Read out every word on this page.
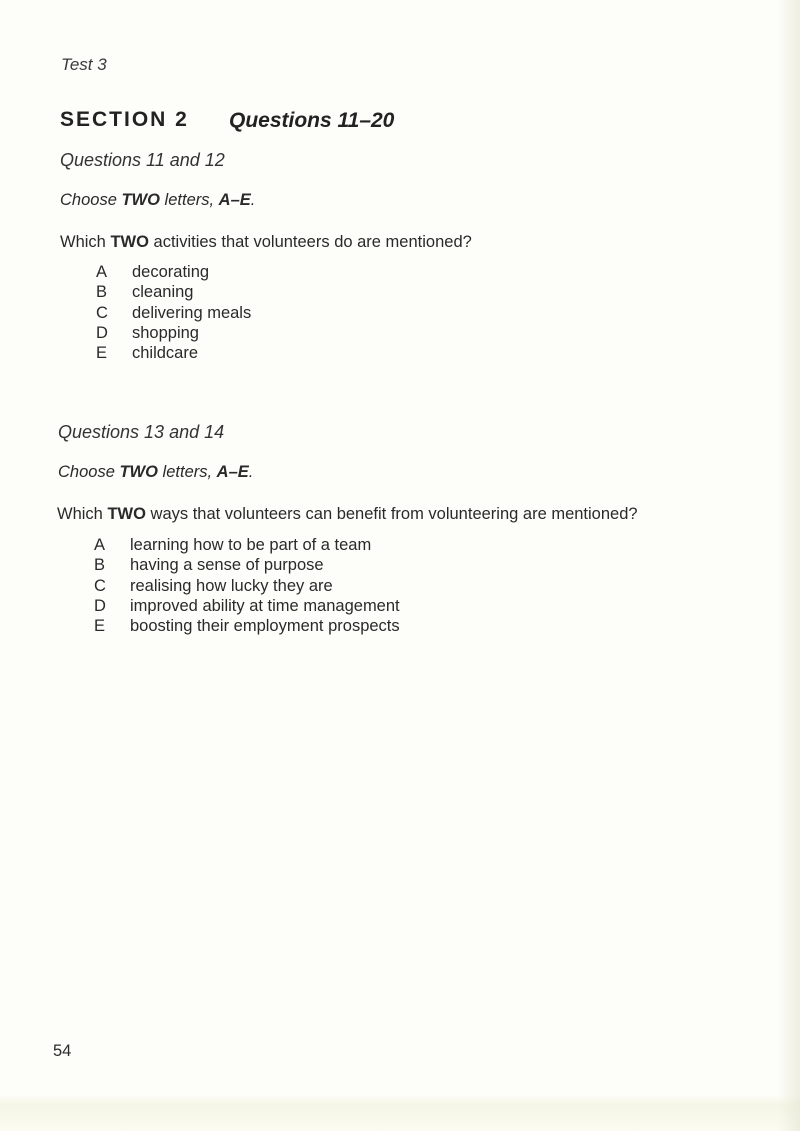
Test 3
SECTION 2 Questions 11–20
Questions 11 and 12
Choose TWO letters, A–E.
Which TWO activities that volunteers do are mentioned?
A decorating
B cleaning
C delivering meals
D shopping
E childcare
Questions 13 and 14
Choose TWO letters, A–E.
Which TWO ways that volunteers can benefit from volunteering are mentioned?
A learning how to be part of a team
B having a sense of purpose
C realising how lucky they are
D improved ability at time management
E boosting their employment prospects
54
